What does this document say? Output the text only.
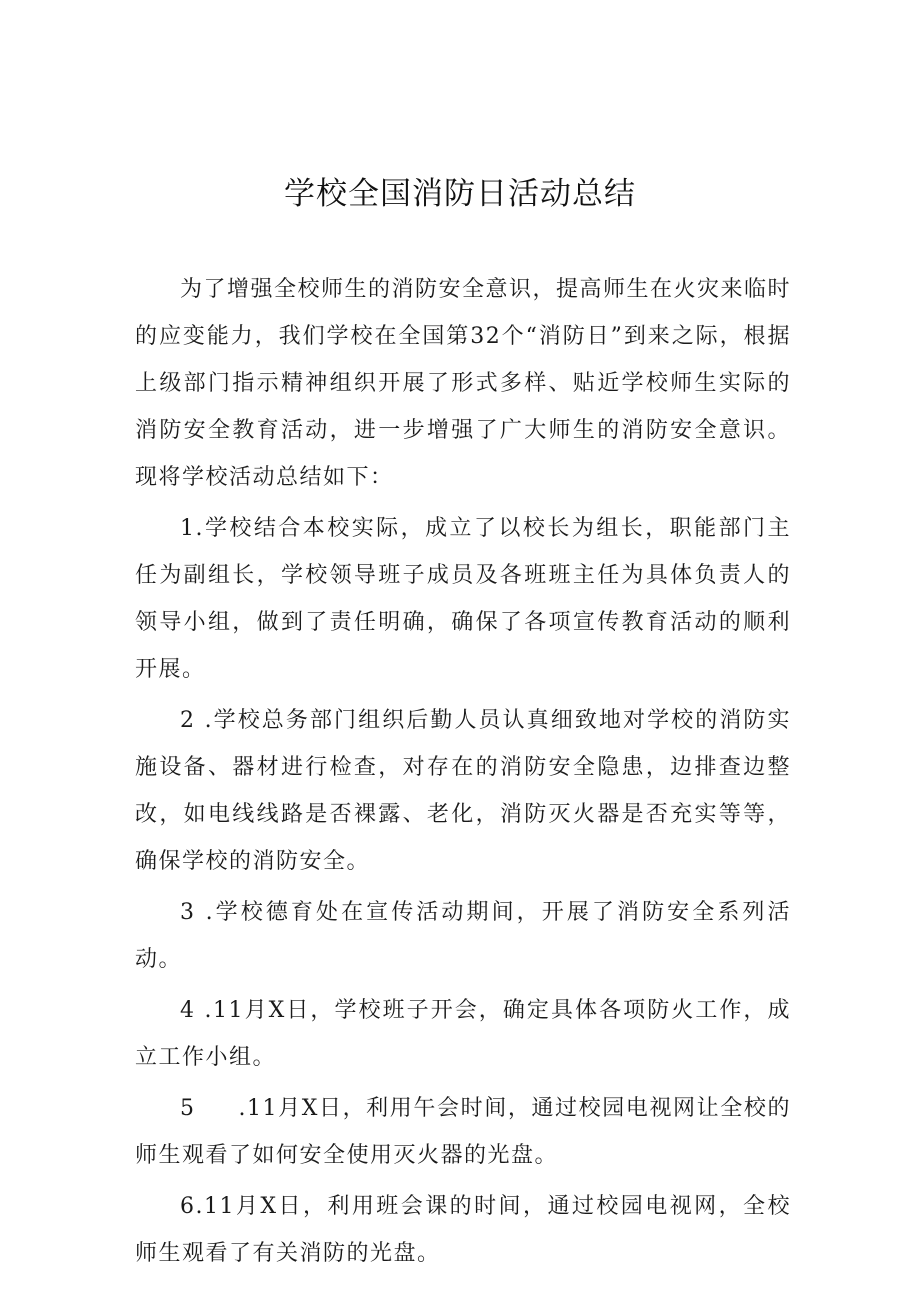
学校全国消防日活动总结

为了增强全校师生的消防安全意识，提高师生在火灾来临时的应变能力，我们学校在全国第32个“消防日”到来之际，根据上级部门指示精神组织开展了形式多样、贴近学校师生实际的消防安全教育活动，进一步增强了广大师生的消防安全意识。现将学校活动总结如下：

1.学校结合本校实际，成立了以校长为组长，职能部门主任为副组长，学校领导班子成员及各班班主任为具体负责人的领导小组，做到了责任明确，确保了各项宣传教育活动的顺利开展。

2 .学校总务部门组织后勤人员认真细致地对学校的消防实施设备、器材进行检查，对存在的消防安全隐患，边排查边整改，如电线线路是否裸露、老化，消防灭火器是否充实等等，确保学校的消防安全。

3 .学校德育处在宣传活动期间，开展了消防安全系列活动。

4 .11月X日，学校班子开会，确定具体各项防火工作，成立工作小组。

5     .11月X日，利用午会时间，通过校园电视网让全校的师生观看了如何安全使用灭火器的光盘。

6.11月X日，利用班会课的时间，通过校园电视网，全校师生观看了有关消防的光盘。
